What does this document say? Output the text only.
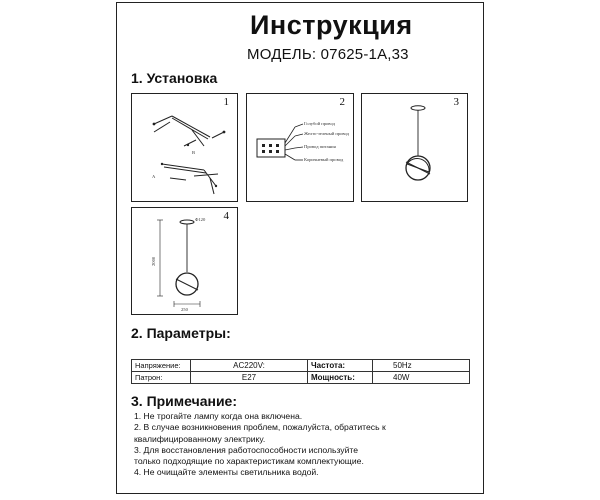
Инструкция
МОДЕЛЬ: 07625-1A,33
1. Установка
1
A
B
2
Голубой провод
Желто-зеленый провод
Провод питания
Коричневый провод
3
4
Φ120
2000
250
2. Параметры:
Напряжение:	AC220V:	Частота:	50Hz
Патрон:	E27	Мощность:	40W
3. Примечание:
1. Не трогайте лампу когда она включена.
2. В случае возникновения проблем, пожалуйста, обратитесь к
квалифицированному электрику.
3. Для восстановления работоспособности используйте
только подходящие по характеристикам комплектующие.
4. Не очищайте элементы светильника водой.
